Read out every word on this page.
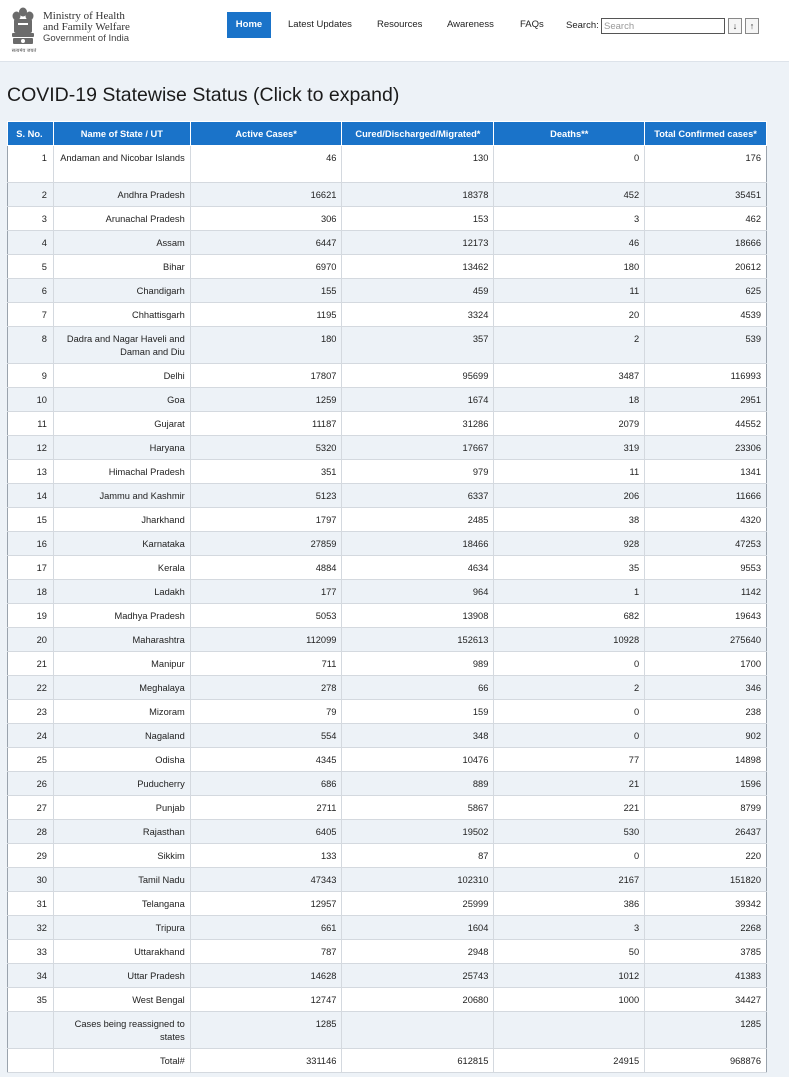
सत्यमेव जयते
Ministry of Health
and Family Welfare
Government of India
Home	Latest Updates	Resources	Awareness	FAQs Search:
Search	↓	↑
COVID-19 Statewise Status (Click to expand)
S. No.	Name of State / UT	Active Cases*	Cured/Discharged/Migrated*	Deaths**	Total Confirmed cases*
1	Andaman and Nicobar Islands	46	130	0	176
2	Andhra Pradesh	16621	18378	452	35451
3	Arunachal Pradesh	306	153	3	462
4	Assam	6447	12173	46	18666
5	Bihar	6970	13462	180	20612
6	Chandigarh	155	459	11	625
7	Chhattisgarh	1195	3324	20	4539
8	Dadra and Nagar Haveli and Daman and Diu	180	357	2	539
9	Delhi	17807	95699	3487	116993
10	Goa	1259	1674	18	2951
11	Gujarat	11187	31286	2079	44552
12	Haryana	5320	17667	319	23306
13	Himachal Pradesh	351	979	11	1341
14	Jammu and Kashmir	5123	6337	206	11666
15	Jharkhand	1797	2485	38	4320
16	Karnataka	27859	18466	928	47253
17	Kerala	4884	4634	35	9553
18	Ladakh	177	964	1	1142
19	Madhya Pradesh	5053	13908	682	19643
20	Maharashtra	112099	152613	10928	275640
21	Manipur	711	989	0	1700
22	Meghalaya	278	66	2	346
23	Mizoram	79	159	0	238
24	Nagaland	554	348	0	902
25	Odisha	4345	10476	77	14898
26	Puducherry	686	889	21	1596
27	Punjab	2711	5867	221	8799
28	Rajasthan	6405	19502	530	26437
29	Sikkim	133	87	0	220
30	Tamil Nadu	47343	102310	2167	151820
31	Telangana	12957	25999	386	39342
32	Tripura	661	1604	3	2268
33	Uttarakhand	787	2948	50	3785
34	Uttar Pradesh	14628	25743	1012	41383
35	West Bengal	12747	20680	1000	34427
	Cases being reassigned to states	1285			1285
	Total#	331146	612815	24915	968876
